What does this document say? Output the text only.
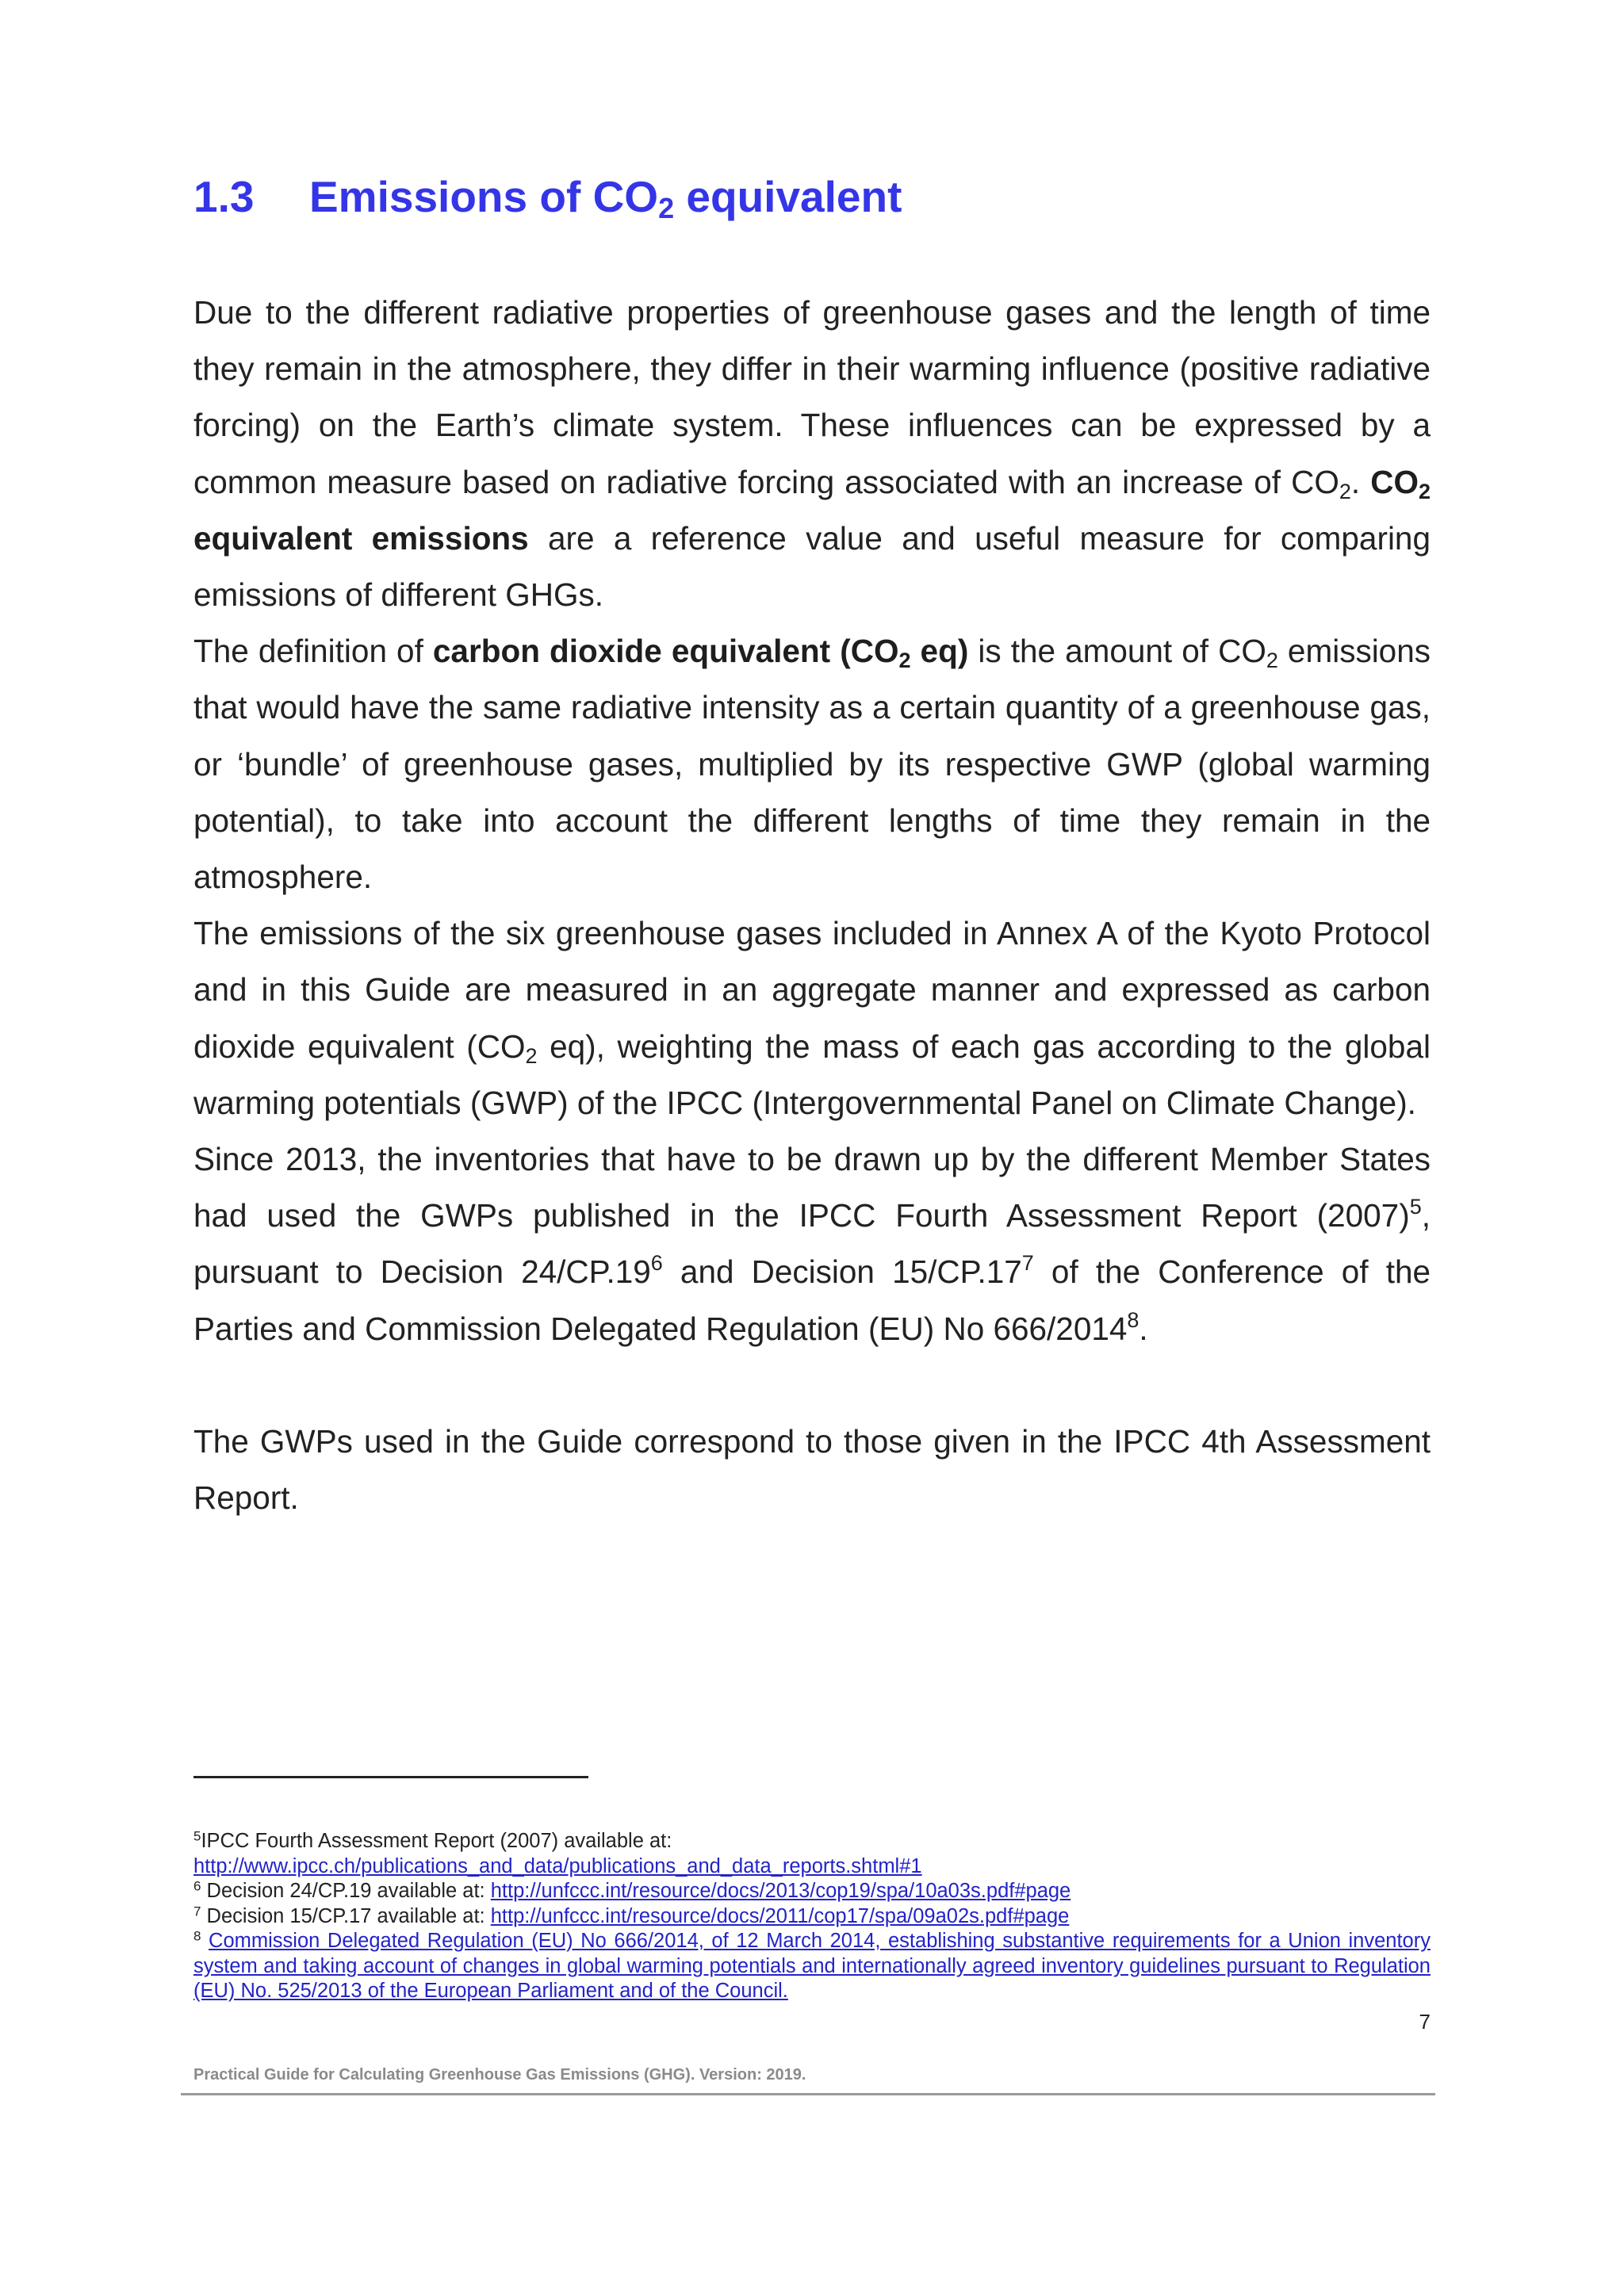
1.3 Emissions of $CO_2$ equivalent

Due to the different radiative properties of greenhouse gases and the length of time they remain in the atmosphere, they differ in their warming influence (positive radiative forcing) on the Earth’s climate system. These influences can be expressed by a common measure based on radiative forcing associated with an increase of $CO_2$. $CO_2$ equivalent emissions are a reference value and useful measure for comparing emissions of different GHGs.

The definition of carbon dioxide equivalent ($CO_2$ eq) is the amount of $CO_2$ emissions that would have the same radiative intensity as a certain quantity of a greenhouse gas, or ‘bundle’ of greenhouse gases, multiplied by its respective GWP (global warming potential), to take into account the different lengths of time they remain in the atmosphere.

The emissions of the six greenhouse gases included in Annex A of the Kyoto Protocol and in this Guide are measured in an aggregate manner and expressed as carbon dioxide equivalent ($CO_2$ eq), weighting the mass of each gas according to the global warming potentials (GWP) of the IPCC (Intergovernmental Panel on Climate Change).

Since 2013, the inventories that have to be drawn up by the different Member States had used the GWPs published in the IPCC Fourth Assessment Report $(2007)^5$, pursuant to Decision $24/CP.19^6$ and Decision $15/CP.17^7$ of the Conference of the Parties and Commission Delegated Regulation (EU) No 666/2014$^8$.

The GWPs used in the Guide correspond to those given in the IPCC 4th Assessment Report.

$^5$IPCC Fourth Assessment Report (2007) available at:
http://www.ipcc.ch/publications_and_data/publications_and_data_reports.shtml#1

$^6$ Decision 24/CP.19 available at: http://unfccc.int/resource/docs/2013/cop19/spa/10a03s.pdf#page

$^7$ Decision 15/CP.17 available at: http://unfccc.int/resource/docs/2011/cop17/spa/09a02s.pdf#page

$^8$ Commission Delegated Regulation (EU) No 666/2014, of 12 March 2014, establishing substantive requirements for a Union inventory system and taking account of changes in global warming potentials and internationally agreed inventory guidelines pursuant to Regulation (EU) No. 525/2013 of the European Parliament and of the Council.

7
Practical Guide for Calculating Greenhouse Gas Emissions (GHG). Version: 2019.
